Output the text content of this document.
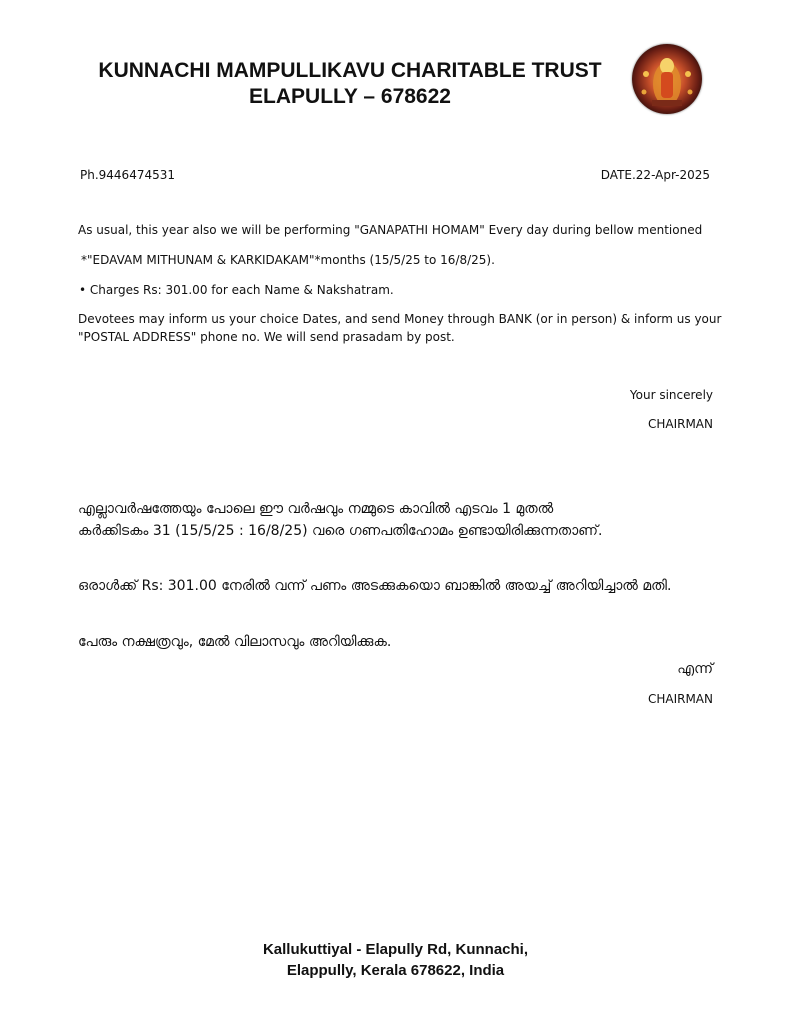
KUNNACHI MAMPULLIKAVU CHARITABLE TRUST
ELAPULLY – 678622
Ph.9446474531	DATE.22-Apr-2025
As usual, this year also we will be performing "GANAPATHI HOMAM" Every day during bellow mentioned
*"EDAVAM MITHUNAM & KARKIDAKAM"*months (15/5/25 to 16/8/25).
• Charges Rs: 301.00 for each Name & Nakshatram.
Devotees may inform us your choice Dates, and send Money through BANK (or in person) & inform us your
"POSTAL ADDRESS" phone no. We will send prasadam by post.
Your sincerely
CHAIRMAN
എല്ലാവർഷത്തേയും പോലെ ഈ വർഷവും നമ്മുടെ കാവിൽ എടവം 1 മുതൽ
കർക്കിടകം 31 (15/5/25 : 16/8/25) വരെ ഗണപതിഹോമം ഉണ്ടായിരിക്കുന്നതാണ്.
ഒരാൾക്ക് Rs: 301.00 നേരിൽ വന്ന് പണം അടക്കുകയൊ ബാങ്കിൽ അയച്ച് അറിയിച്ചാൽ മതി.
പേരും നക്ഷത്രവും, മേൽ വിലാസവും അറിയിക്കുക.
എന്ന്
CHAIRMAN
Kallukuttiyal - Elapully Rd, Kunnachi,
Elappully, Kerala 678622, India
